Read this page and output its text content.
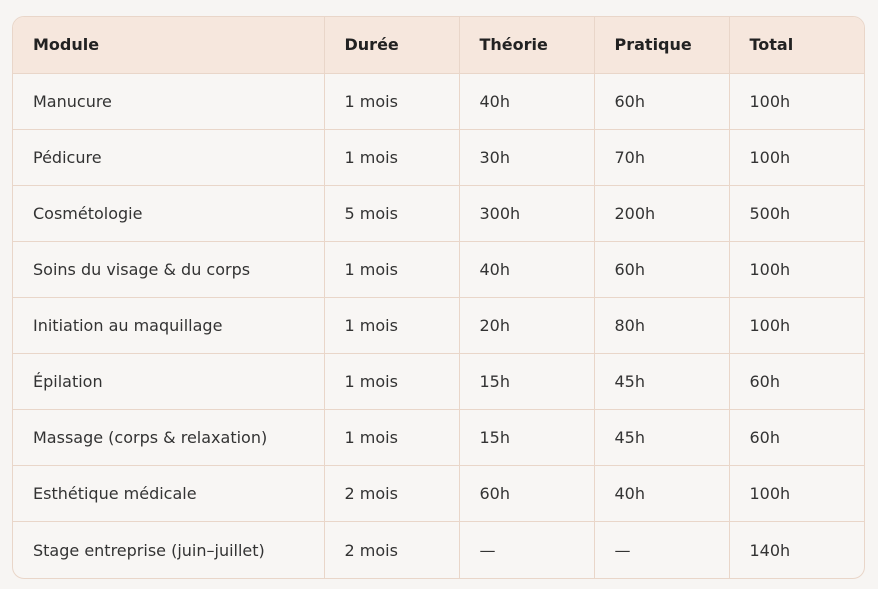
Module	Durée	Théorie	Pratique	Total
Manucure	1 mois	40h	60h	100h
Pédicure	1 mois	30h	70h	100h
Cosmétologie	5 mois	300h	200h	500h
Soins du visage & du corps	1 mois	40h	60h	100h
Initiation au maquillage	1 mois	20h	80h	100h
Épilation	1 mois	15h	45h	60h
Massage (corps & relaxation)	1 mois	15h	45h	60h
Esthétique médicale	2 mois	60h	40h	100h
Stage entreprise (juin–juillet)	2 mois	—	—	140h
